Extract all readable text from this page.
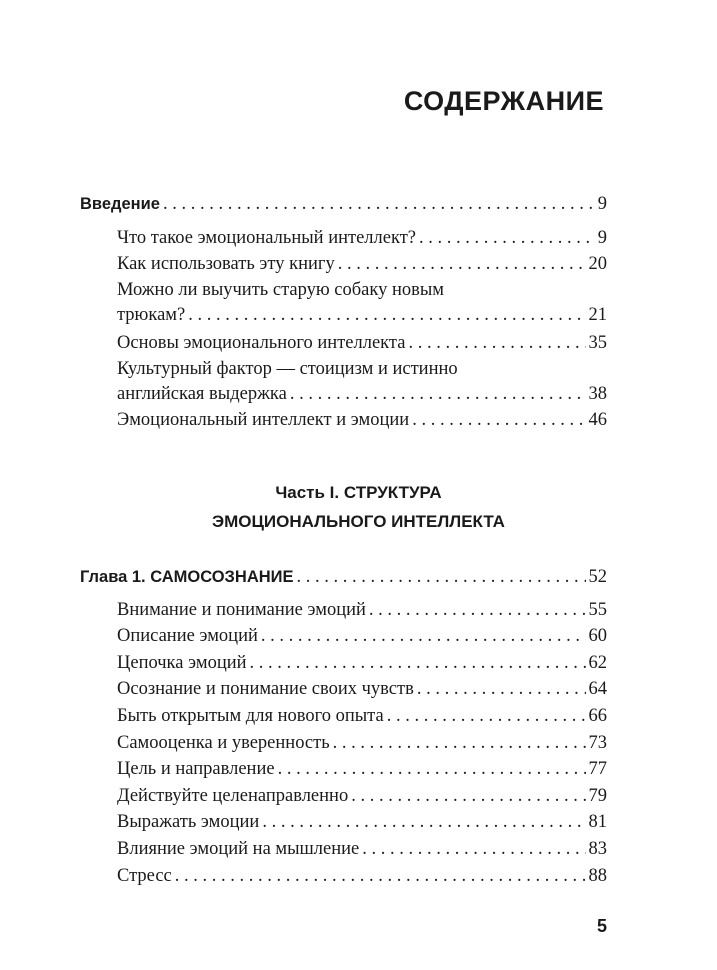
СОДЕРЖАНИЕ
Введение . . .	9
Что такое эмоциональный интеллект? . . .	9
Как использовать эту книгу . . .	20
Можно ли выучить старую собаку новым
трюкам? . . .	21
Основы эмоционального интеллекта . . .	35
Культурный фактор — стоицизм и истинно
английская выдержка . . .	38
Эмоциональный интеллект и эмоции . . .	46
Часть I. СТРУКТУРА
ЭМОЦИОНАЛЬНОГО ИНТЕЛЛЕКТА
Глава 1. САМОСОЗНАНИЕ . . .	52
Внимание и понимание эмоций . . .	55
Описание эмоций . . .	60
Цепочка эмоций . . .	62
Осознание и понимание своих чувств . . .	64
Быть открытым для нового опыта . . .	66
Самооценка и уверенность . . .	73
Цель и направление . . .	77
Действуйте целенаправленно . . .	79
Выражать эмоции . . .	81
Влияние эмоций на мышление . . .	83
Стресс . . .	88
5
